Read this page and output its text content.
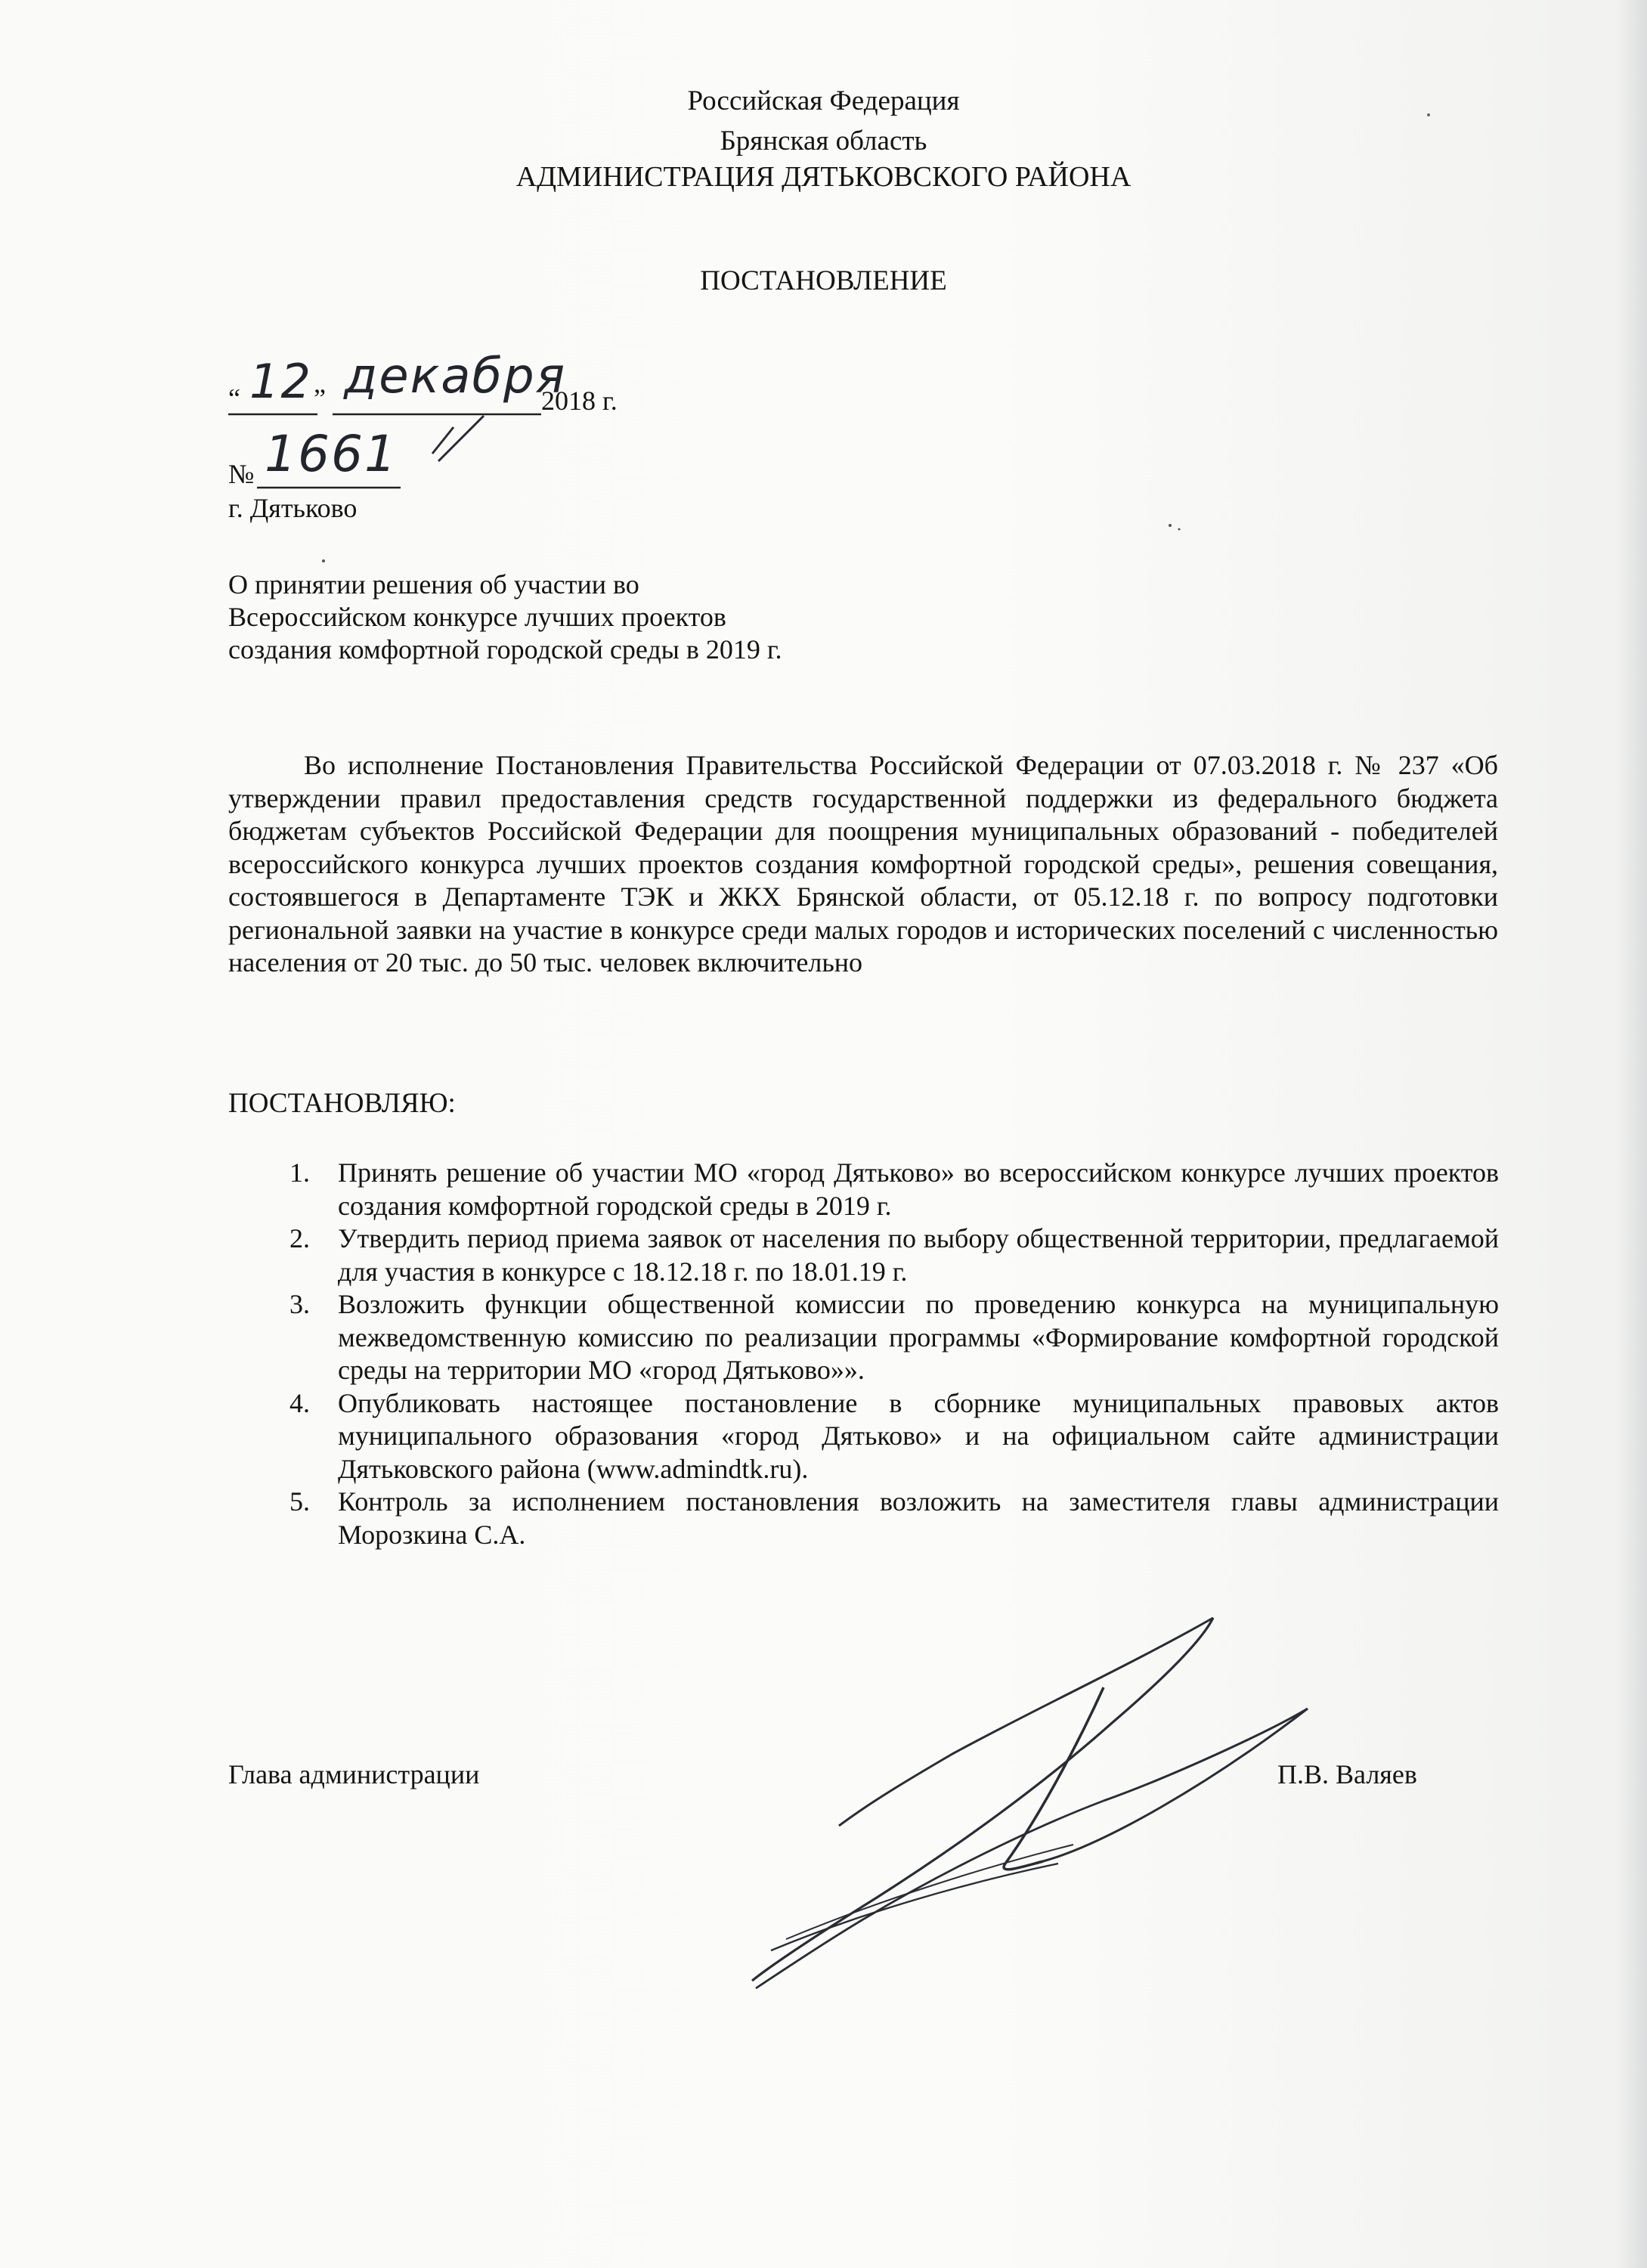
Российская Федерация
Брянская область
АДМИНИСТРАЦИЯ ДЯТЬКОВСКОГО РАЙОНА
ПОСТАНОВЛЕНИЕ
“ 12 ” декабря
2018 г.
№ 1661
г. Дятьково
О принятии решения об участии во
Всероссийском конкурсе лучших проектов
создания комфортной городской среды в 2019 г.
Во исполнение Постановления Правительства Российской Федерации от 07.03.2018 г. № 237 «Об утверждении правил предоставления средств государственной поддержки из федерального бюджета бюджетам субъектов Российской Федерации для поощрения муниципальных образований - победителей всероссийского конкурса лучших проектов создания комфортной городской среды», решения совещания, состоявшегося в Департаменте ТЭК и ЖКХ Брянской области, от 05.12.18 г. по вопросу подготовки региональной заявки на участие в конкурсе среди малых городов и исторических поселений с численностью населения от 20 тыс. до 50 тыс. человек включительно
ПОСТАНОВЛЯЮ:
1. Принять решение об участии МО «город Дятьково» во всероссийском конкурсе лучших проектов создания комфортной городской среды в 2019 г.
2. Утвердить период приема заявок от населения по выбору общественной территории, предлагаемой для участия в конкурсе с 18.12.18 г. по 18.01.19 г.
3. Возложить функции общественной комиссии по проведению конкурса на муниципальную межведомственную комиссию по реализации программы «Формирование комфортной городской среды на территории МО «город Дятьково»».
4. Опубликовать настоящее постановление в сборнике муниципальных правовых актов муниципального образования «город Дятьково» и на официальном сайте администрации Дятьковского района (www.admindtk.ru).
5. Контроль за исполнением постановления возложить на заместителя главы администрации Морозкина С.А.
Глава администрации	П.В. Валяев
